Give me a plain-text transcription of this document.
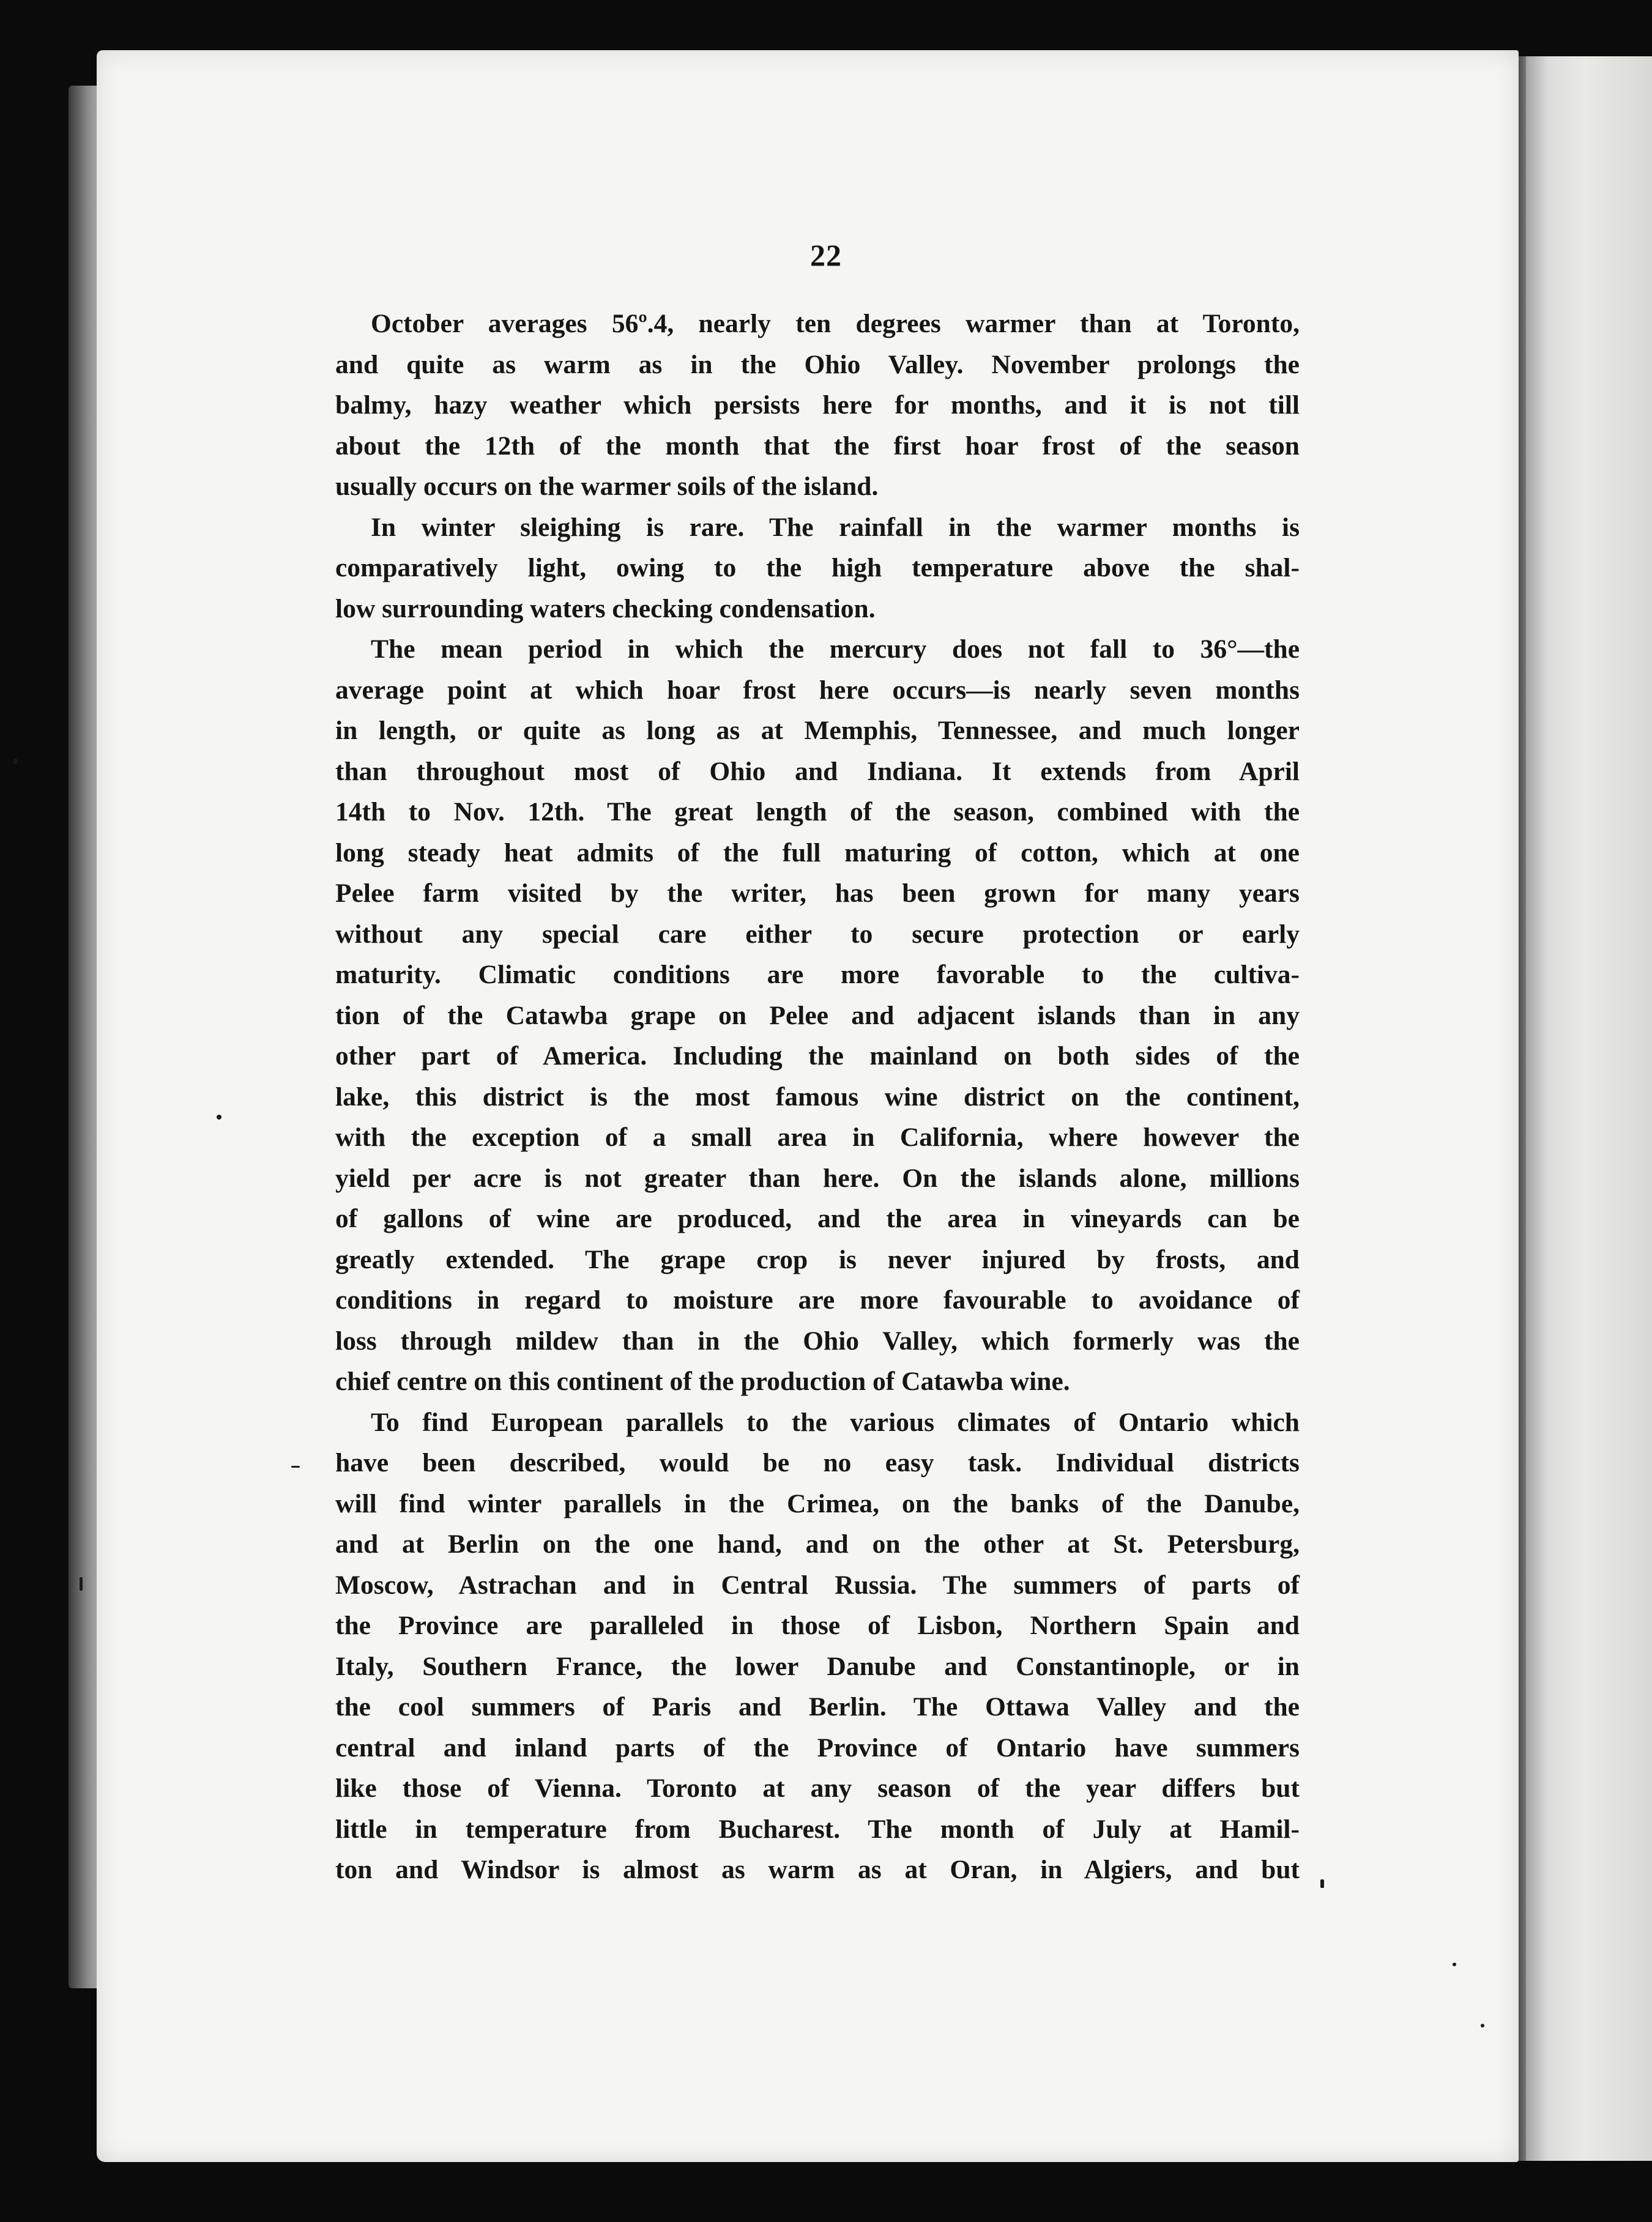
22

October averages 56º.4, nearly ten degrees warmer than at Toronto,
and quite as warm as in the Ohio Valley. November prolongs the
balmy, hazy weather which persists here for months, and it is not till
about the 12th of the month that the first hoar frost of the season
usually occurs on the warmer soils of the island.

In winter sleighing is rare. The rainfall in the warmer months is
comparatively light, owing to the high temperature above the shal-
low surrounding waters checking condensation.

The mean period in which the mercury does not fall to 36°—the
average point at which hoar frost here occurs—is nearly seven months
in length, or quite as long as at Memphis, Tennessee, and much longer
than throughout most of Ohio and Indiana. It extends from April
14th to Nov. 12th. The great length of the season, combined with the
long steady heat admits of the full maturing of cotton, which at one
Pelee farm visited by the writer, has been grown for many years
without any special care either to secure protection or early
maturity. Climatic conditions are more favorable to the cultiva-
tion of the Catawba grape on Pelee and adjacent islands than in any
other part of America. Including the mainland on both sides of the
lake, this district is the most famous wine district on the continent,
with the exception of a small area in California, where however the
yield per acre is not greater than here. On the islands alone, millions
of gallons of wine are produced, and the area in vineyards can be
greatly extended. The grape crop is never injured by frosts, and
conditions in regard to moisture are more favourable to avoidance of
loss through mildew than in the Ohio Valley, which formerly was the
chief centre on this continent of the production of Catawba wine.

To find European parallels to the various climates of Ontario which
have been described, would be no easy task. Individual districts
will find winter parallels in the Crimea, on the banks of the Danube,
and at Berlin on the one hand, and on the other at St. Petersburg,
Moscow, Astrachan and in Central Russia. The summers of parts of
the Province are paralleled in those of Lisbon, Northern Spain and
Italy, Southern France, the lower Danube and Constantinople, or in
the cool summers of Paris and Berlin. The Ottawa Valley and the
central and inland parts of the Province of Ontario have summers
like those of Vienna. Toronto at any season of the year differs but
little in temperature from Bucharest. The month of July at Hamil-
ton and Windsor is almost as warm as at Oran, in Algiers, and but
